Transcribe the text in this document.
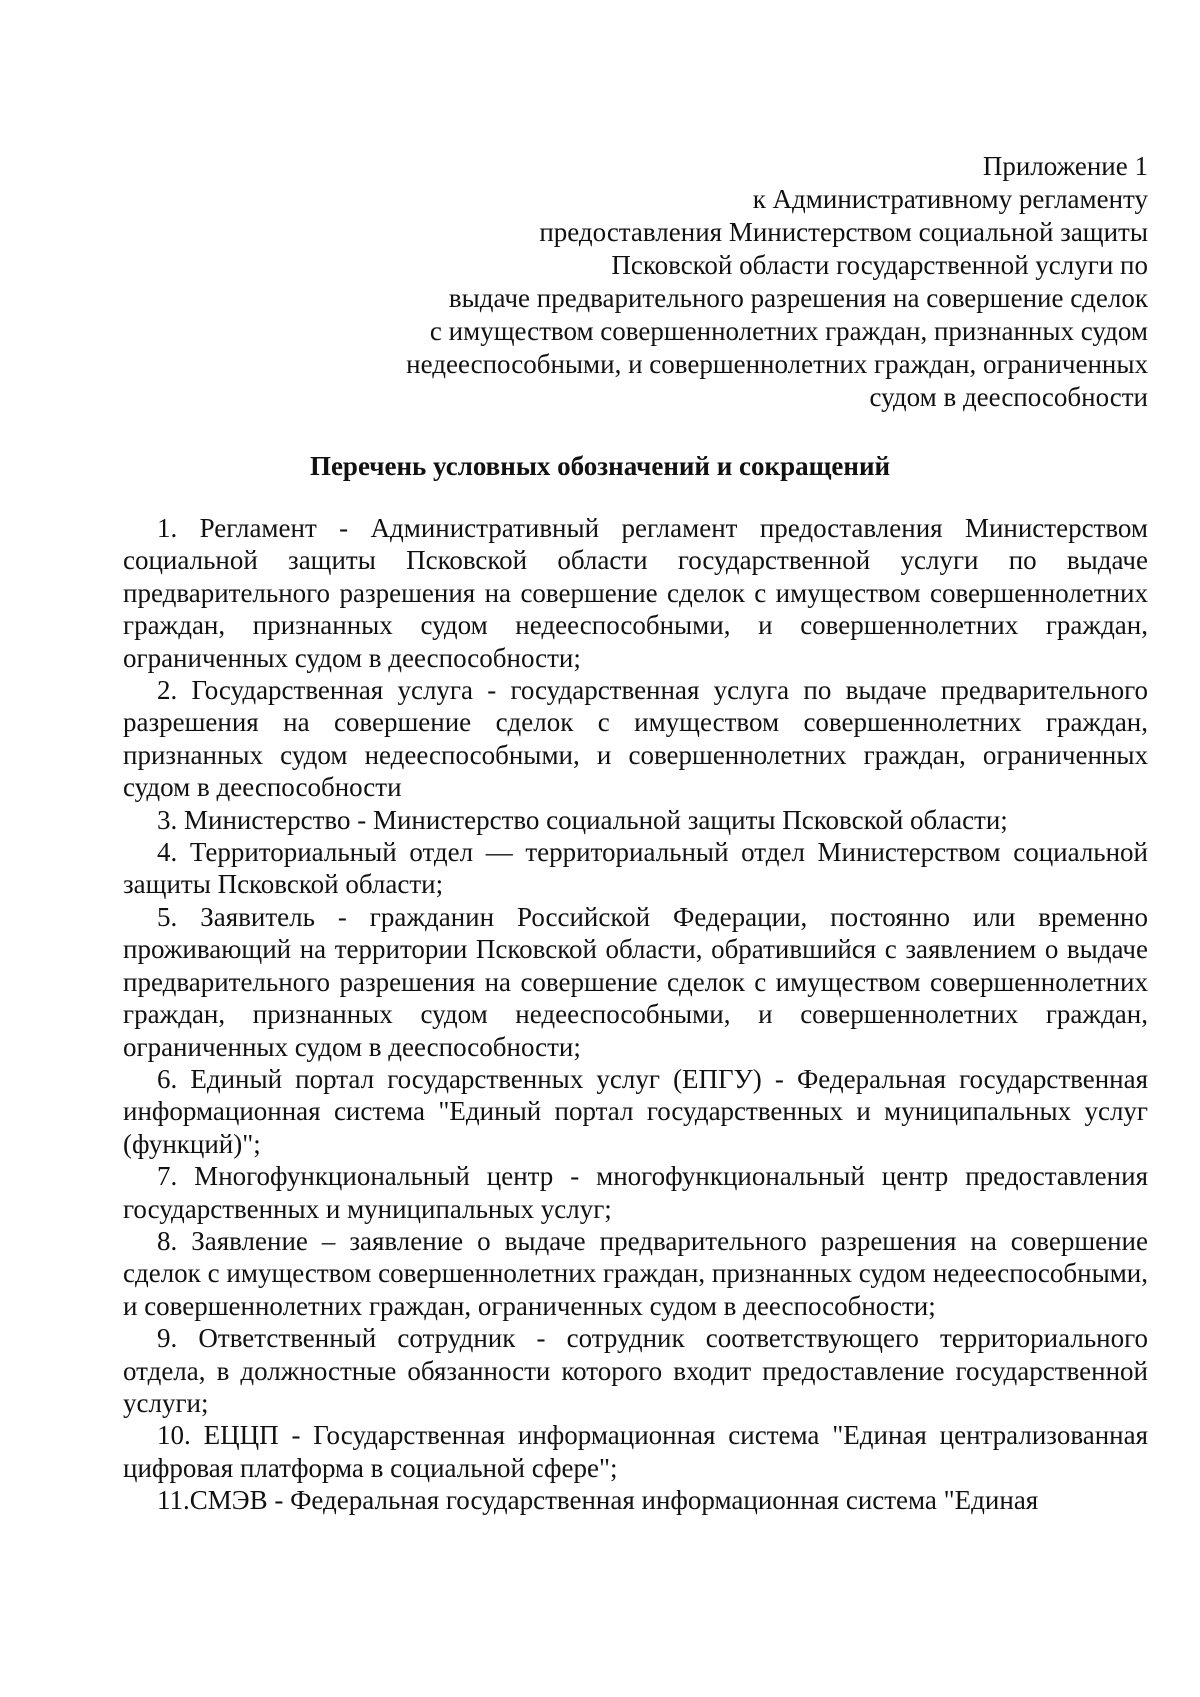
Приложение 1
к Административному регламенту
предоставления Министерством социальной защиты
Псковской области государственной услуги по
выдаче предварительного разрешения на совершение сделок
с имуществом совершеннолетних граждан, признанных судом
недееспособными, и совершеннолетних граждан, ограниченных
судом в дееспособности
Перечень условных обозначений и сокращений

1. Регламент - Административный регламент предоставления Министерством социальной защиты Псковской области государственной услуги по выдаче предварительного разрешения на совершение сделок с имуществом совершеннолетних граждан, признанных судом недееспособными, и совершеннолетних граждан, ограниченных судом в дееспособности;

2. Государственная услуга - государственная услуга по выдаче предварительного разрешения на совершение сделок с имуществом совершеннолетних граждан, признанных судом недееспособными, и совершеннолетних граждан, ограниченных судом в дееспособности

3. Министерство - Министерство социальной защиты Псковской области;

4. Территориальный отдел — территориальный отдел Министерством социальной защиты Псковской области;

5. Заявитель - гражданин Российской Федерации, постоянно или временно проживающий на территории Псковской области, обратившийся с заявлением о выдаче предварительного разрешения на совершение сделок с имуществом совершеннолетних граждан, признанных судом недееспособными, и совершеннолетних граждан, ограниченных судом в дееспособности;

6. Единый портал государственных услуг (ЕПГУ) - Федеральная государственная информационная система "Единый портал государственных и муниципальных услуг (функций)";

7. Многофункциональный центр - многофункциональный центр предоставления государственных и муниципальных услуг;

8. Заявление – заявление о выдаче предварительного разрешения на совершение сделок с имуществом совершеннолетних граждан, признанных судом недееспособными, и совершеннолетних граждан, ограниченных судом в дееспособности;

9. Ответственный сотрудник - сотрудник соответствующего территориального отдела, в должностные обязанности которого входит предоставление государственной услуги;

10. ЕЦЦП - Государственная информационная система "Единая централизованная цифровая платформа в социальной сфере";

11.СМЭВ - Федеральная государственная информационная система "Единая
